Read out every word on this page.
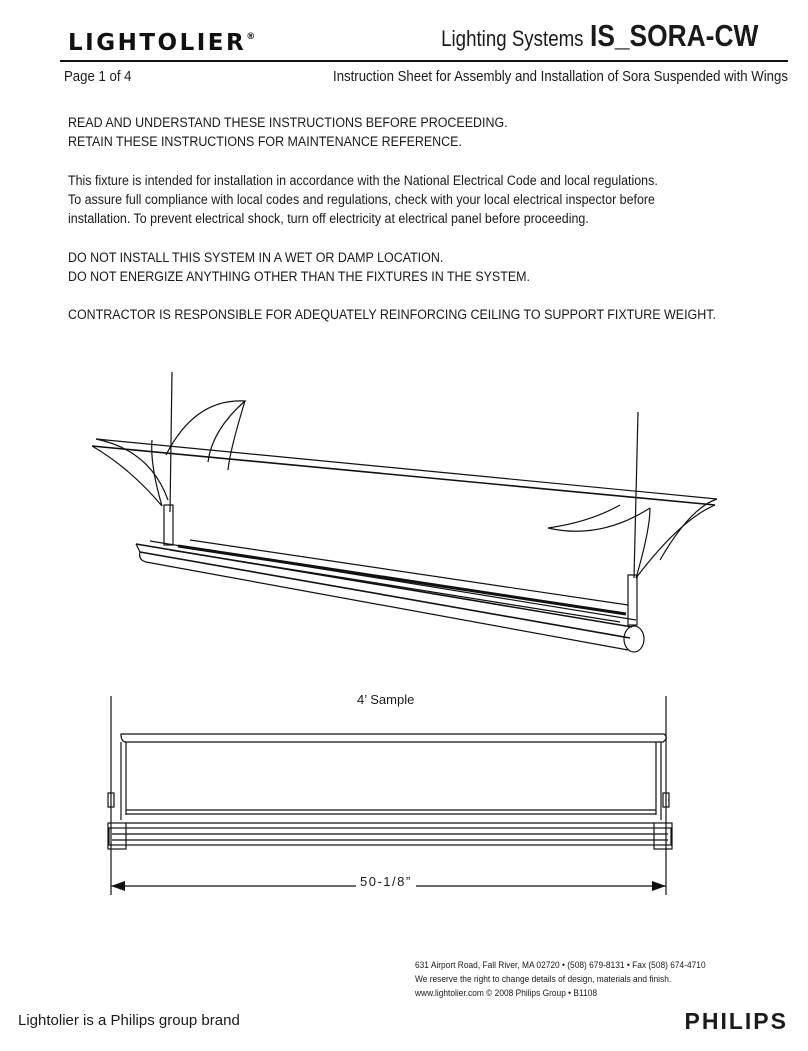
LIGHTOLIER®	Lighting Systems IS_SORA-CW
Page 1 of 4	Instruction Sheet for Assembly and Installation of Sora Suspended with Wings
READ AND UNDERSTAND THESE INSTRUCTIONS BEFORE PROCEEDING.
RETAIN THESE INSTRUCTIONS FOR MAINTENANCE REFERENCE.
This fixture is intended for installation in accordance with the National Electrical Code and local regulations.
To assure full compliance with local codes and regulations, check with your local electrical inspector before
installation. To prevent electrical shock, turn off electricity at electrical panel before proceeding.
DO NOT INSTALL THIS SYSTEM IN A WET OR DAMP LOCATION.
DO NOT ENERGIZE ANYTHING OTHER THAN THE FIXTURES IN THE SYSTEM.
CONTRACTOR IS RESPONSIBLE FOR ADEQUATELY REINFORCING CEILING TO SUPPORT FIXTURE WEIGHT.
4’ Sample
50-1/8”
631 Airport Road, Fall River, MA 02720 • (508) 679-8131 • Fax (508) 674-4710
We reserve the right to change details of design, materials and finish.
www.lightolier.com © 2008 Philips Group • B1108
Lightolier is a Philips group brand	PHILIPS
